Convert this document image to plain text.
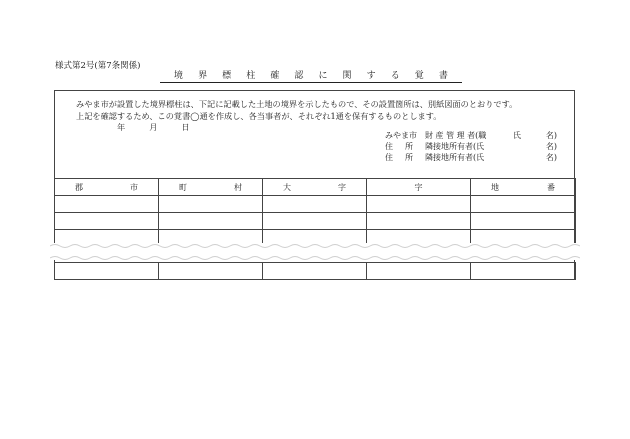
様式第2号(第7条関係)
境 界 標 柱 確 認 に 関 す る 覚 書
みやま市が設置した境界標柱は、下記に記載した土地の境界を示したもので、その設置箇所は、別紙図面のとおりです。
上記を確認するため、この覚書◯通を作成し、各当事者が、それぞれ1通を保有するものとします。
年	月	日
みやま市	財 産 管 理 者(職	氏	名)
住	所	隣接地所有者(氏	名)
住	所	隣接地所有者(氏	名)
郡 市	町 村	大 字	字	地 番
